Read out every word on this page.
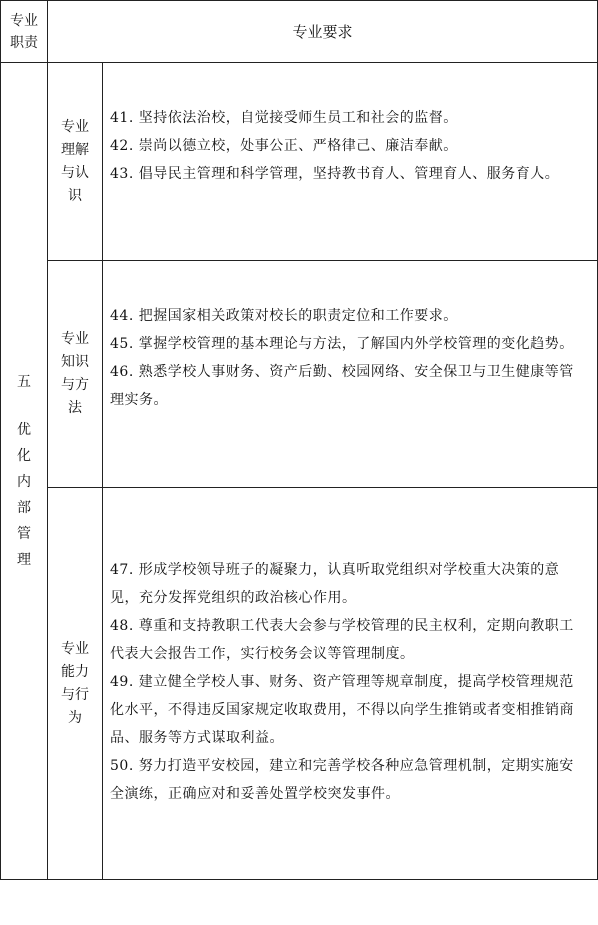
专业
职责
专业要求
五
优
化
内
部
管
理
专业
理解
与认
识

41. 坚持依法治校，自觉接受师生员工和社会的监督。

42. 崇尚以德立校，处事公正、严格律己、廉洁奉献。

43. 倡导民主管理和科学管理，坚持教书育人、管理育人、服务育人。

专业
知识
与方
法

44. 把握国家相关政策对校长的职责定位和工作要求。

45. 掌握学校管理的基本理论与方法，了解国内外学校管理的变化趋势。

46. 熟悉学校人事财务、资产后勤、校园网络、安全保卫与卫生健康等管理实务。

专业
能力
与行
为

47. 形成学校领导班子的凝聚力，认真听取党组织对学校重大决策的意见，充分发挥党组织的政治核心作用。

48. 尊重和支持教职工代表大会参与学校管理的民主权利，定期向教职工代表大会报告工作，实行校务会议等管理制度。

49. 建立健全学校人事、财务、资产管理等规章制度，提高学校管理规范化水平，不得违反国家规定收取费用，不得以向学生推销或者变相推销商品、服务等方式谋取利益。

50. 努力打造平安校园，建立和完善学校各种应急管理机制，定期实施安全演练，正确应对和妥善处置学校突发事件。
